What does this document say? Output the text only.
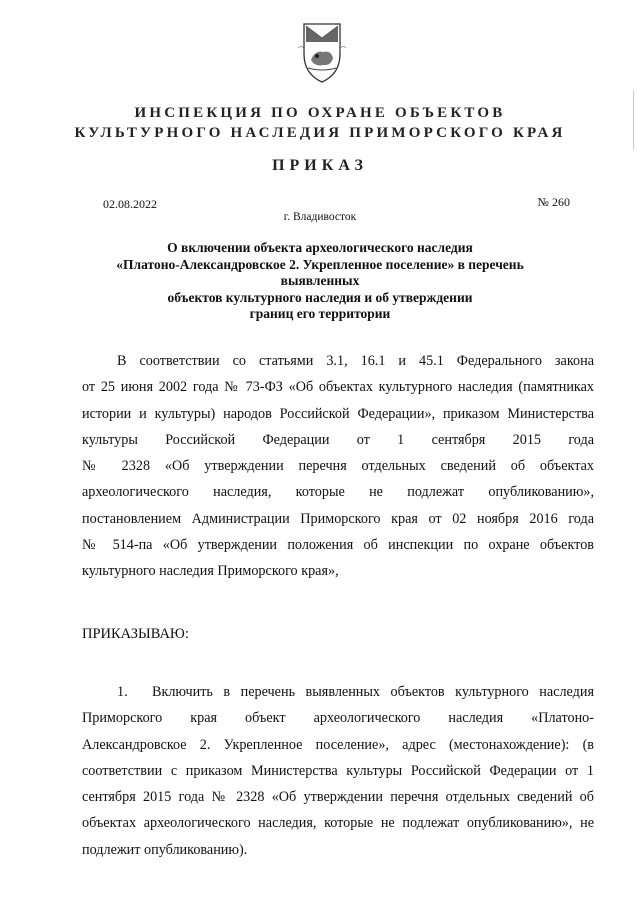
ИНСПЕКЦИЯ ПО ОХРАНЕ ОБЪЕКТОВ
КУЛЬТУРНОГО НАСЛЕДИЯ ПРИМОРСКОГО КРАЯ
ПРИКАЗ
02.08.2022	№ 260
г. Владивосток
О включении объекта археологического наследия
«Платоно-Александровское 2. Укрепленное поселение» в перечень
выявленных
объектов культурного наследия и об утверждении
границ его территории
В соответствии со статьями 3.1, 16.1 и 45.1 Федерального закона
от 25 июня 2002 года № 73-ФЗ «Об объектах культурного наследия (памятниках
истории и культуры) народов Российской Федерации», приказом Министерства
культуры Российской Федерации от 1 сентября 2015 года
№ 2328 «Об утверждении перечня отдельных сведений об объектах
археологического наследия, которые не подлежат опубликованию»,
постановлением Администрации Приморского края от 02 ноября 2016 года
№ 514-па «Об утверждении положения об инспекции по охране объектов
культурного наследия Приморского края»,
ПРИКАЗЫВАЮ:
1. Включить в перечень выявленных объектов культурного наследия
Приморского края объект археологического наследия «Платоно-
Александровское 2. Укрепленное поселение», адрес (местонахождение): (в
соответствии с приказом Министерства культуры Российской Федерации от 1
сентября 2015 года № 2328 «Об утверждении перечня отдельных сведений об
объектах археологического наследия, которые не подлежат опубликованию», не
подлежит опубликованию).
